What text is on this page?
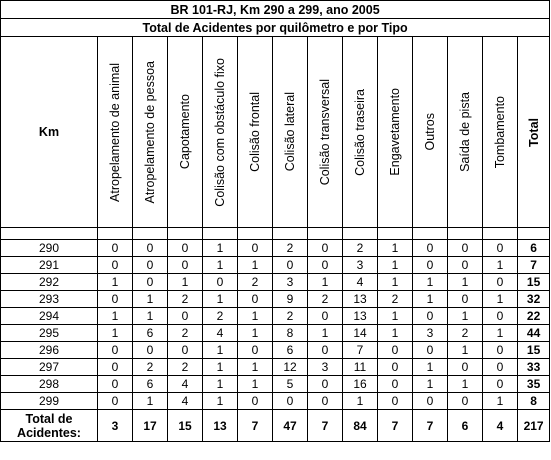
BR 101-RJ, Km 290 a 299, ano 2005													
Total de Acidentes por quilômetro e por Tipo													
Km	Atropelamento de animal	Atropelamento de pessoa	Capotamento	Colisão com obstáculo fixo	Colisão frontal	Colisão lateral	Colisão transversal	Colisão traseira	Engavetamento	Outros	Saída de pista	Tombamento	Total

290	0	0	0	1	0	2	0	2	1	0	0	0	6
291	0	0	0	1	1	0	0	3	1	0	0	1	7
292	1	0	1	0	2	3	1	4	1	1	1	0	15
293	0	1	2	1	0	9	2	13	2	1	0	1	32
294	1	1	0	2	1	2	0	13	1	0	1	0	22
295	1	6	2	4	1	8	1	14	1	3	2	1	44
296	0	0	0	1	0	6	0	7	0	0	1	0	15
297	0	2	2	1	1	12	3	11	0	1	0	0	33
298	0	6	4	1	1	5	0	16	0	1	1	0	35
299	0	1	4	1	0	0	0	1	0	0	0	1	8

Total de
Acidentes:	3	17	15	13	7	47	7	84	7	7	6	4	217
